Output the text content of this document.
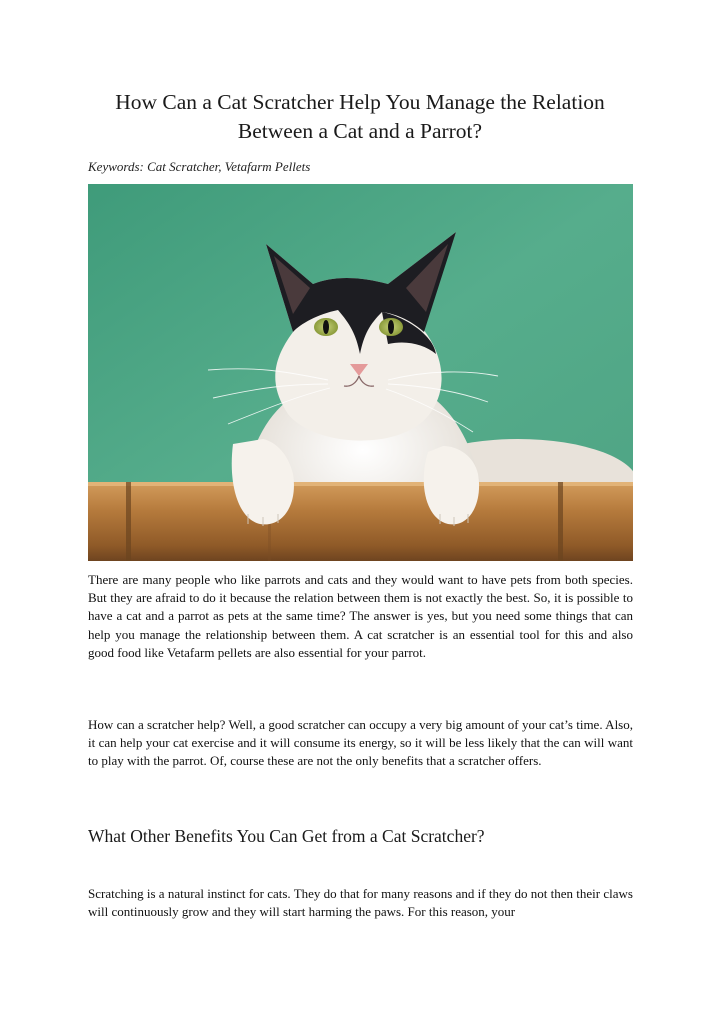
How Can a Cat Scratcher Help You Manage the Relation Between a Cat and a Parrot?

Keywords: Cat Scratcher, Vetafarm Pellets

There are many people who like parrots and cats and they would want to have pets from both species. But they are afraid to do it because the relation between them is not exactly the best. So, it is possible to have a cat and a parrot as pets at the same time? The answer is yes, but you need some things that can help you manage the relationship between them. A cat scratcher is an essential tool for this and also good food like Vetafarm pellets are also essential for your parrot.

How can a scratcher help? Well, a good scratcher can occupy a very big amount of your cat’s time. Also, it can help your cat exercise and it will consume its energy, so it will be less likely that the can will want to play with the parrot. Of, course these are not the only benefits that a scratcher offers.

What Other Benefits You Can Get from a Cat Scratcher?

Scratching is a natural instinct for cats. They do that for many reasons and if they do not then their claws will continuously grow and they will start harming the paws. For this reason, your
